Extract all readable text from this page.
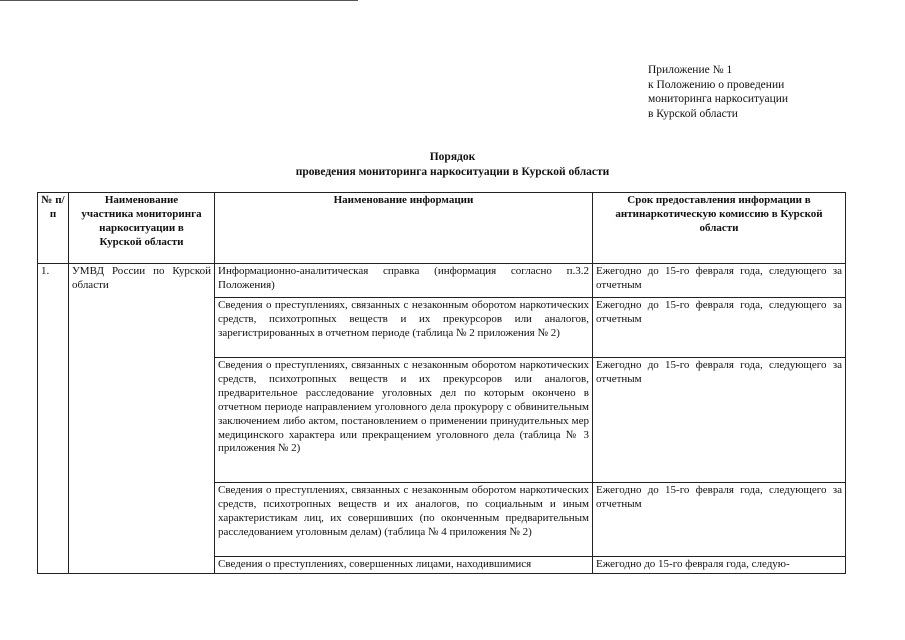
Приложение № 1
к Положению о проведении
мониторинга наркоситуации
в Курской области
Порядок
проведения мониторинга наркоситуации в Курской области
№ п/п	Наименование участника мониторинга наркоситуации в Курской области	Наименование информации	Срок предоставления информации в антинаркотическую комиссию в Курской области
1.	УМВД России по Курской области	Информационно-аналитическая справка (информация согласно п.3.2 Положения)	Ежегодно до 15-го февраля года, следующего за отчетным
		Сведения о преступлениях, связанных с незаконным оборотом наркотических средств, психотропных веществ и их прекурсоров или аналогов, зарегистрированных в отчетном периоде (таблица № 2 приложения № 2)	Ежегодно до 15-го февраля года, следующего за отчетным
		Сведения о преступлениях, связанных с незаконным оборотом наркотических средств, психотропных веществ и их прекурсоров или аналогов, предварительное расследование уголовных дел по которым окончено в отчетном периоде направлением уголовного дела прокурору с обвинительным заключением либо актом, постановлением о применении принудительных мер медицинского характера или прекращением уголовного дела (таблица № 3 приложения № 2)	Ежегодно до 15-го февраля года, следующего за отчетным
		Сведения о преступлениях, связанных с незаконным оборотом наркотических средств, психотропных веществ и их аналогов, по социальным и иным характеристикам лиц, их совершивших (по оконченным предварительным расследованием уголовным делам) (таблица № 4 приложения № 2)	Ежегодно до 15-го февраля года, следующего за отчетным
		Сведения о преступлениях, совершенных лицами, находившимися	Ежегодно до 15-го февраля года, следую-
